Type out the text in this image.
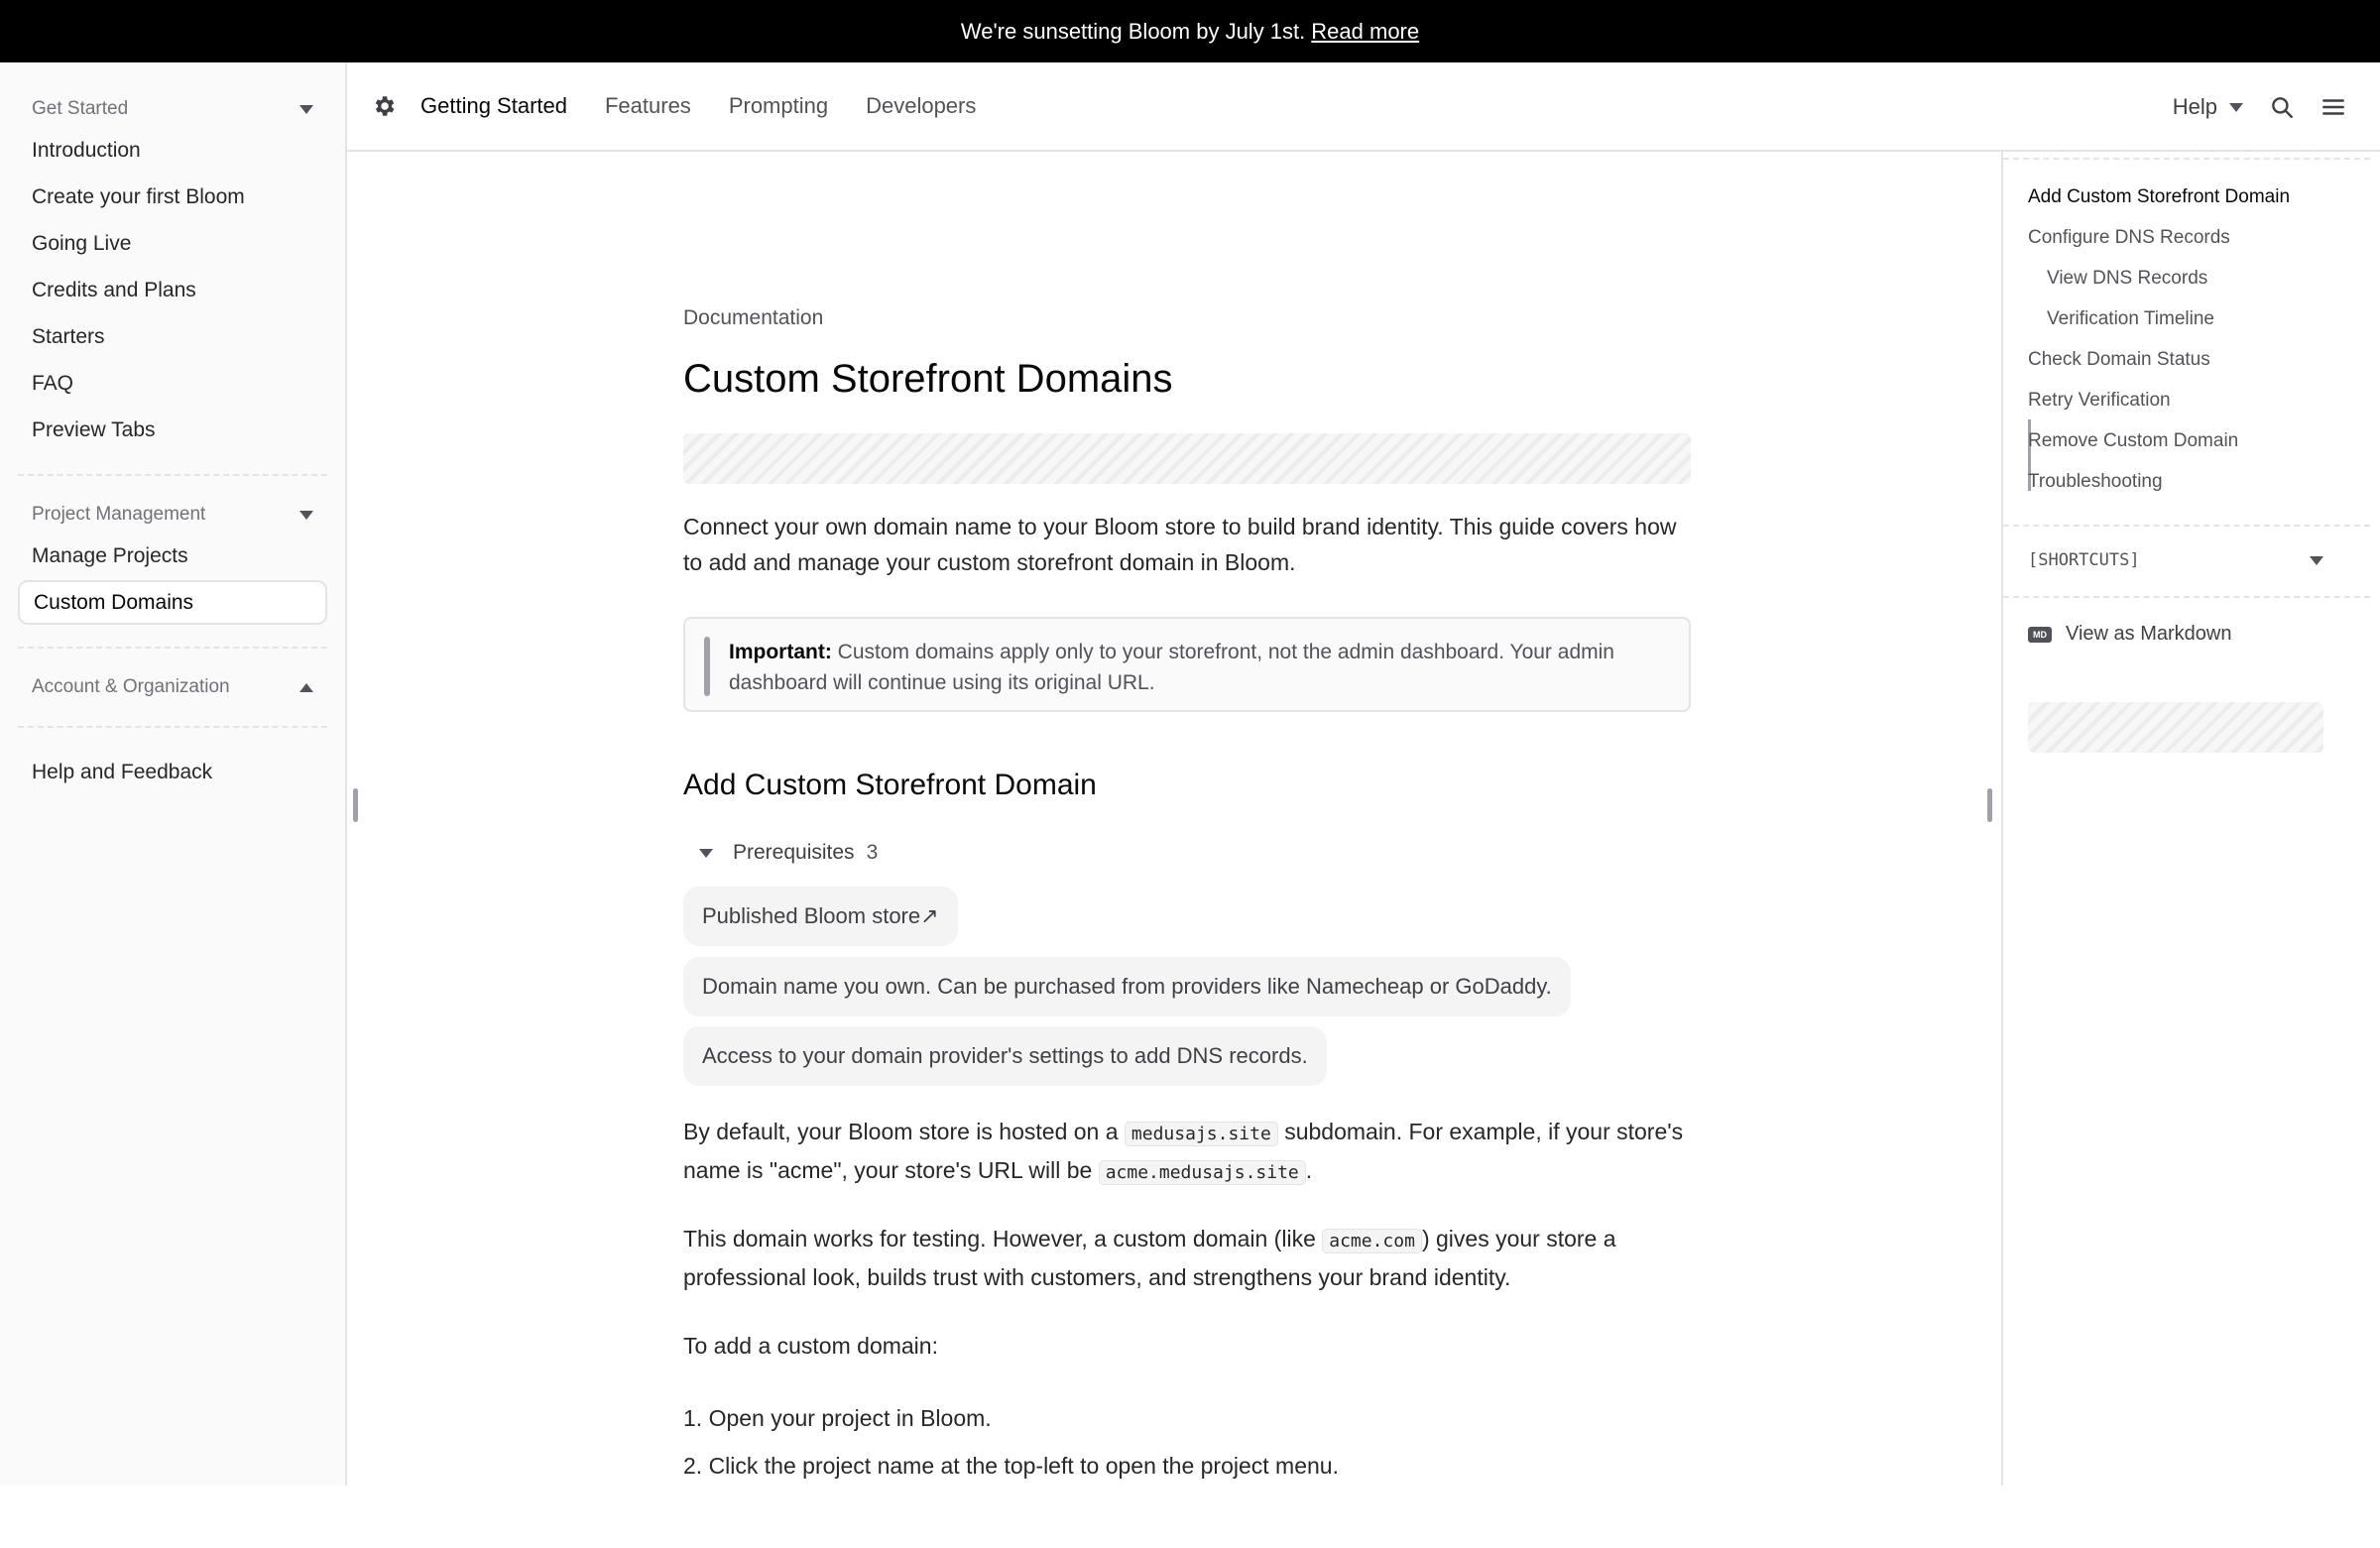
We're sunsetting Bloom by July 1st. Read more
Get Started
Introduction
Create your first Bloom
Going Live
Credits and Plans
Starters
FAQ
Preview Tabs
Project Management
Manage Projects
Custom Domains
Account & Organization
Help and Feedback
Getting Started Features Prompting Developers	Help
Documentation
Custom Storefront Domains

Connect your own domain name to your Bloom store to build brand identity. This guide covers how to add and manage your custom storefront domain in Bloom.

Important: Custom domains apply only to your storefront, not the admin dashboard. Your admin dashboard will continue using its original URL.
Add Custom Storefront Domain
Prerequisites 3
Published Bloom store↗
Domain name you own. Can be purchased from providers like Namecheap or GoDaddy.
Access to your domain provider's settings to add DNS records.

By default, your Bloom store is hosted on a medusajs.site subdomain. For example, if your store's name is "acme", your store's URL will be acme.medusajs.site .

This domain works for testing. However, a custom domain (like acme.com ) gives your store a professional look, builds trust with customers, and strengthens your brand identity.

To add a custom domain:

1. Open your project in Bloom.

2. Click the project name at the top-left to open the project menu.

Add Custom Storefront Domain
Configure DNS Records
View DNS Records
Verification Timeline
Check Domain Status
Retry Verification
Remove Custom Domain
Troubleshooting
[SHORTCUTS]
MD View as Markdown
